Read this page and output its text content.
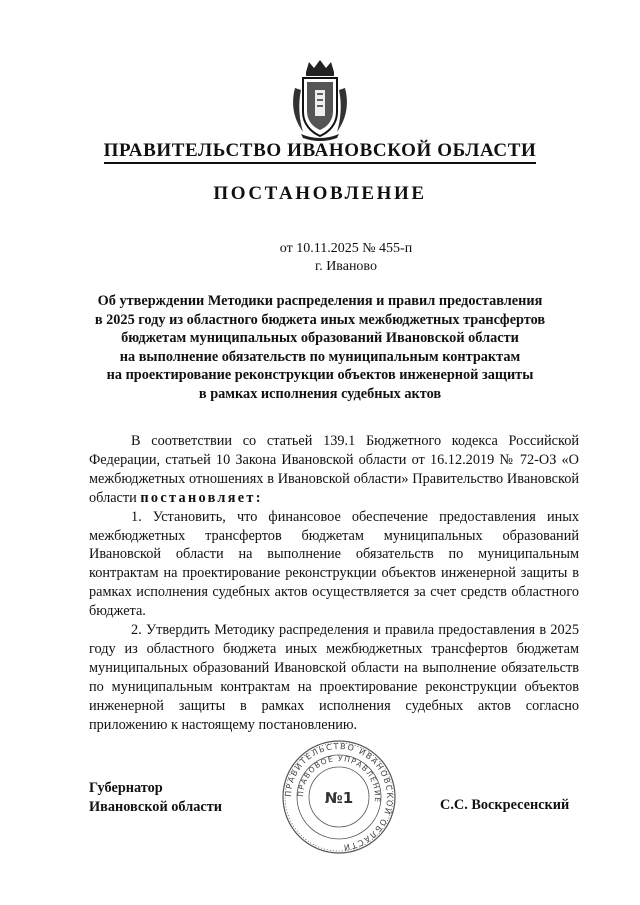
ПРАВИТЕЛЬСТВО ИВАНОВСКОЙ ОБЛАСТИ
ПОСТАНОВЛЕНИЕ
от 10.11.2025 № 455-п
г. Иваново
Об утверждении Методики распределения и правил предоставления
в 2025 году из областного бюджета иных межбюджетных трансфертов
бюджетам муниципальных образований Ивановской области
на выполнение обязательств по муниципальным контрактам
на проектирование реконструкции объектов инженерной защиты
в рамках исполнения судебных актов

В соответствии со статьей 139.1 Бюджетного кодекса Российской Федерации, статьей 10 Закона Ивановской области от 16.12.2019 № 72-ОЗ «О межбюджетных отношениях в Ивановской области» Правительство Ивановской области постановляет:

1. Установить, что финансовое обеспечение предоставления иных межбюджетных трансфертов бюджетам муниципальных образований Ивановской области на выполнение обязательств по муниципальным контрактам на проектирование реконструкции объектов инженерной защиты в рамках исполнения судебных актов осуществляется за счет средств областного бюджета.

2. Утвердить Методику распределения и правила предоставления в 2025 году из областного бюджета иных межбюджетных трансфертов бюджетам муниципальных образований Ивановской области на выполнение обязательств по муниципальным контрактам на проектирование реконструкции объектов инженерной защиты в рамках исполнения судебных актов согласно приложению к настоящему постановлению.

Губернатор
Ивановской области
ПРАВИТЕЛЬСТВО ИВАНОВСКОЙ ОБЛАСТИ
ПРАВОВОЕ УПРАВЛЕНИЕ
№1	С.С. Воскресенский
